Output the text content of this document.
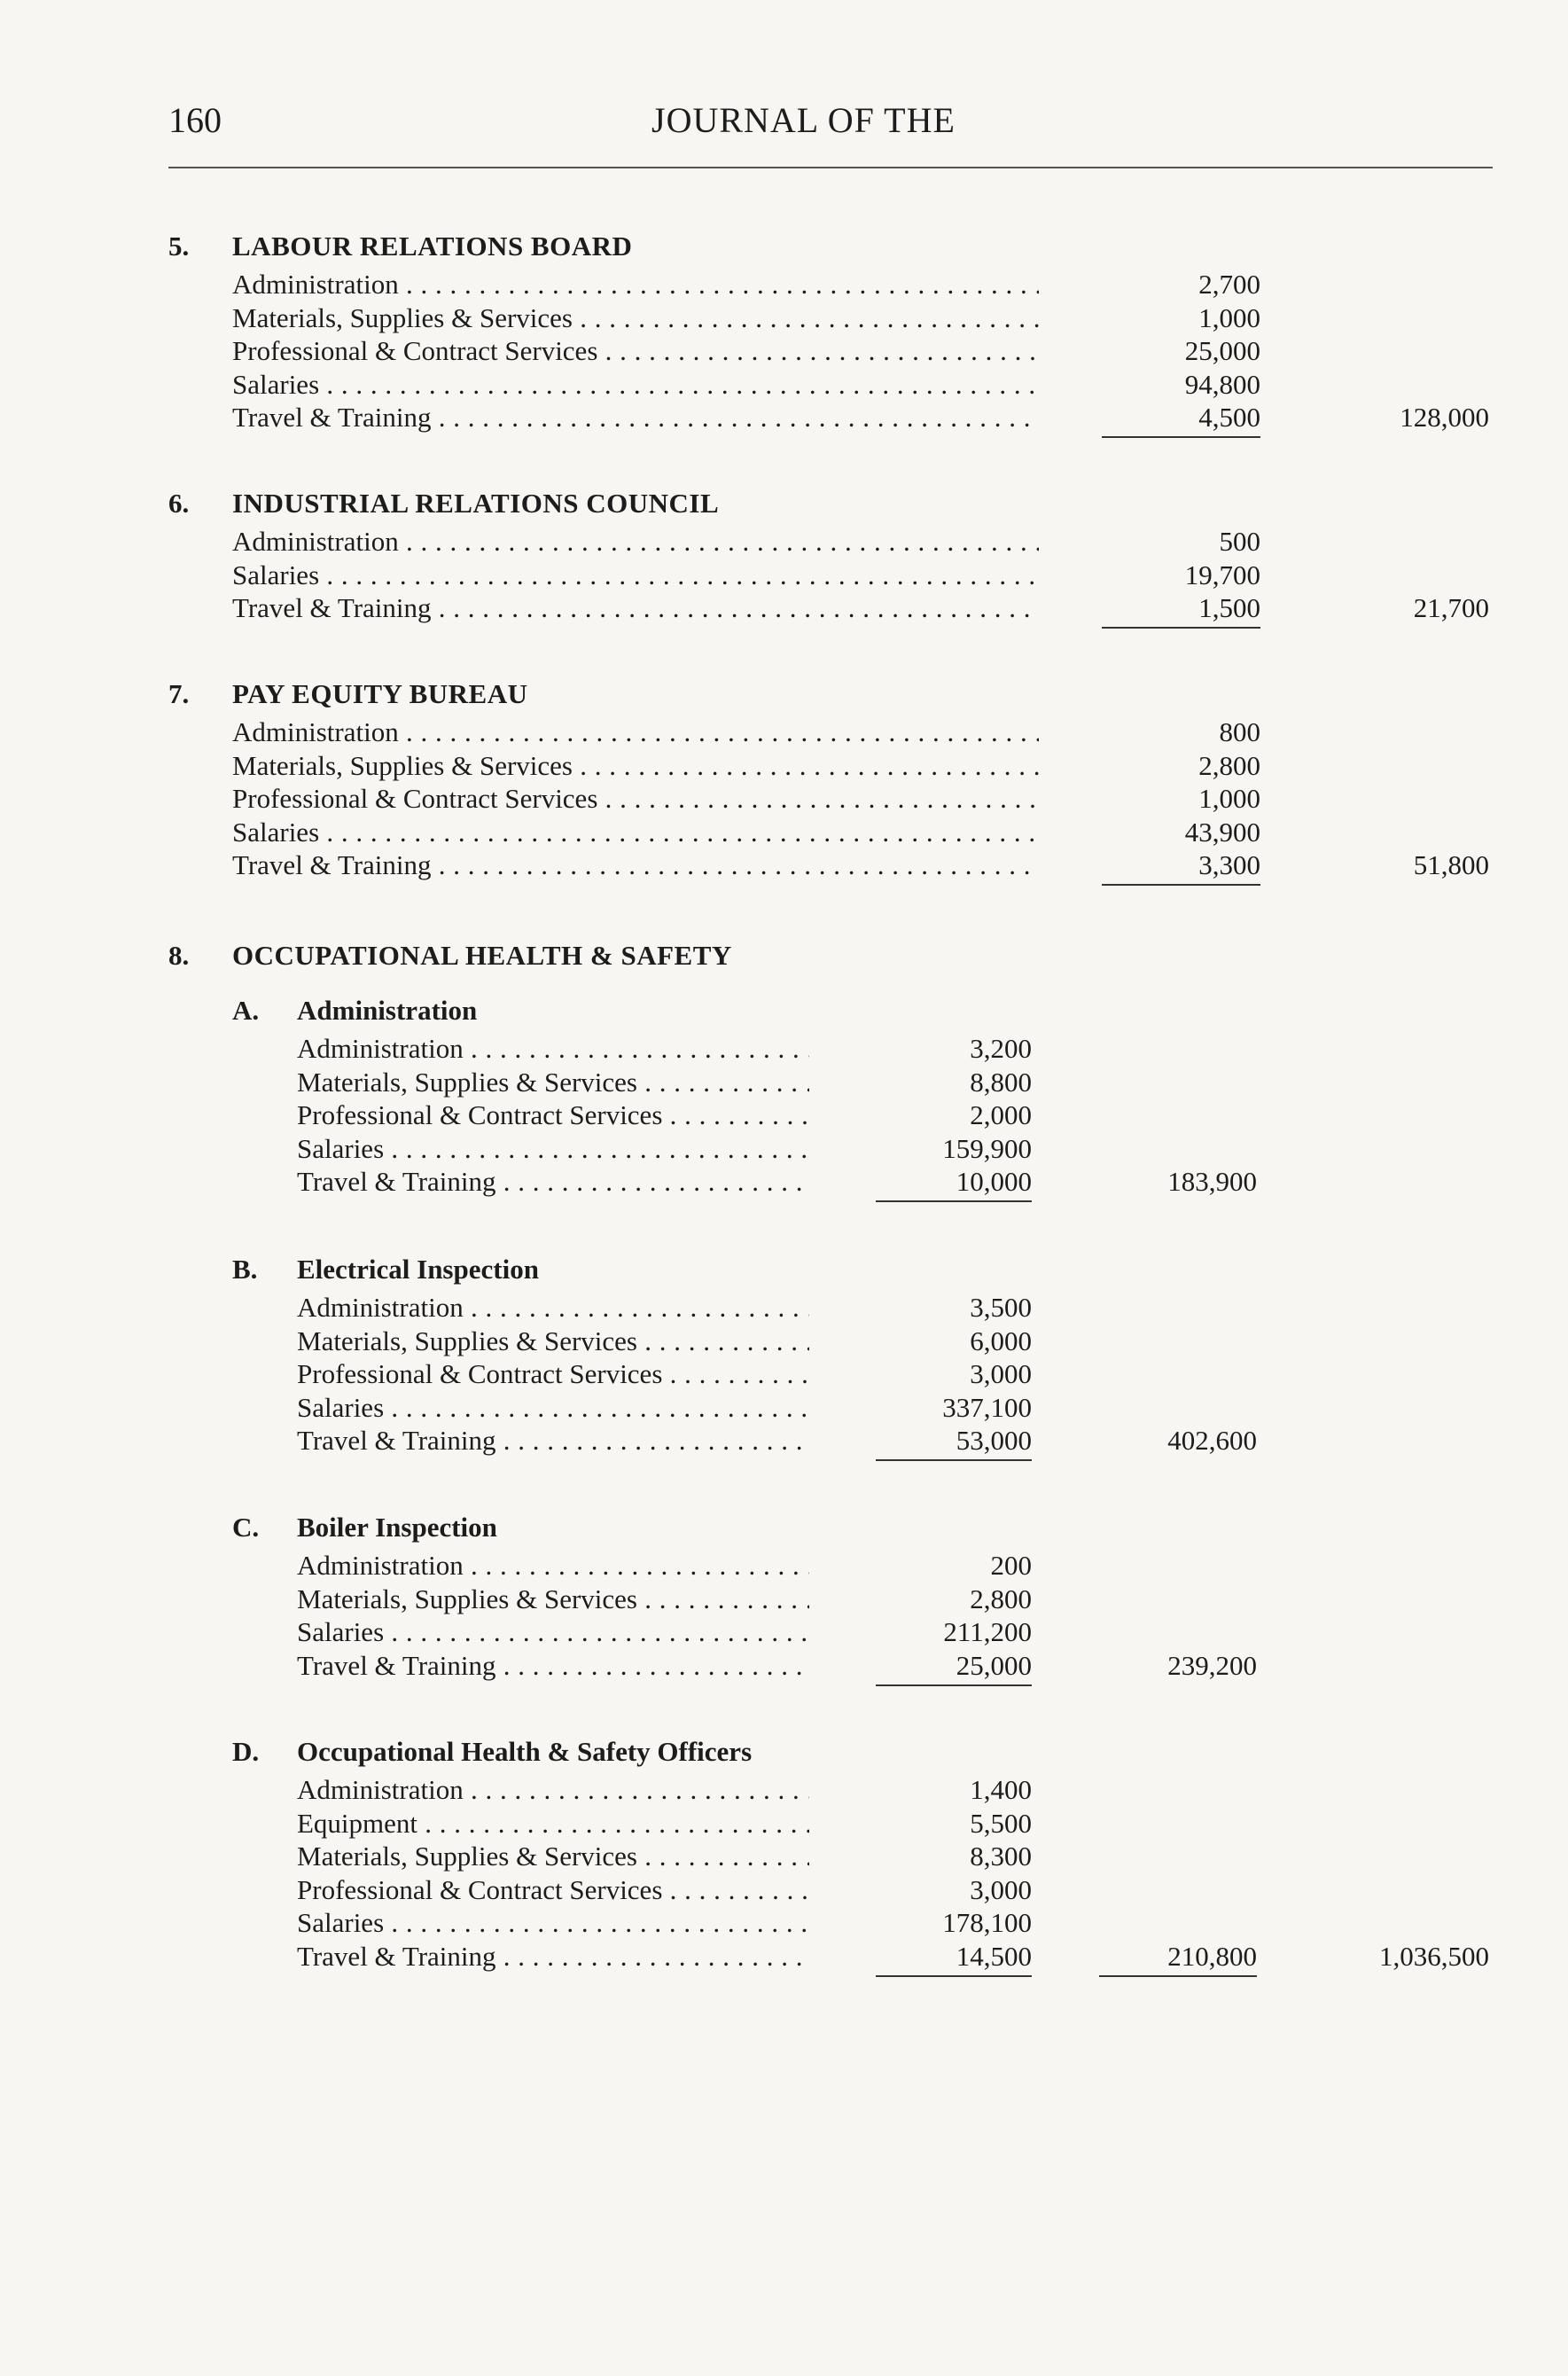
160	JOURNAL OF THE
5. LABOUR RELATIONS BOARD
Administration . . .	2,700
Materials, Supplies & Services . . .	1,000
Professional & Contract Services . . .	25,000
Salaries . . .	94,800
Travel & Training . . .	4,500	128,000
6. INDUSTRIAL RELATIONS COUNCIL
Administration . . .	500
Salaries . . .	19,700
Travel & Training . . .	1,500	21,700
7. PAY EQUITY BUREAU
Administration . . .	800
Materials, Supplies & Services . . .	2,800
Professional & Contract Services . . .	1,000
Salaries . . .	43,900
Travel & Training . . .	3,300	51,800
8. OCCUPATIONAL HEALTH & SAFETY
A. Administration
Administration . . .	3,200
Materials, Supplies & Services . . .	8,800
Professional & Contract Services . . .	2,000
Salaries . . .	159,900
Travel & Training . . .	10,000	183,900
B. Electrical Inspection
Administration . . .	3,500
Materials, Supplies & Services . . .	6,000
Professional & Contract Services . . .	3,000
Salaries . . .	337,100
Travel & Training . . .	53,000	402,600
C. Boiler Inspection
Administration . . .	200
Materials, Supplies & Services . . .	2,800
Salaries . . .	211,200
Travel & Training . . .	25,000	239,200
D. Occupational Health & Safety Officers
Administration . . .	1,400
Equipment . . .	5,500
Materials, Supplies & Services . . .	8,300
Professional & Contract Services . . .	3,000
Salaries . . .	178,100
Travel & Training . . .	14,500	210,800	1,036,500
